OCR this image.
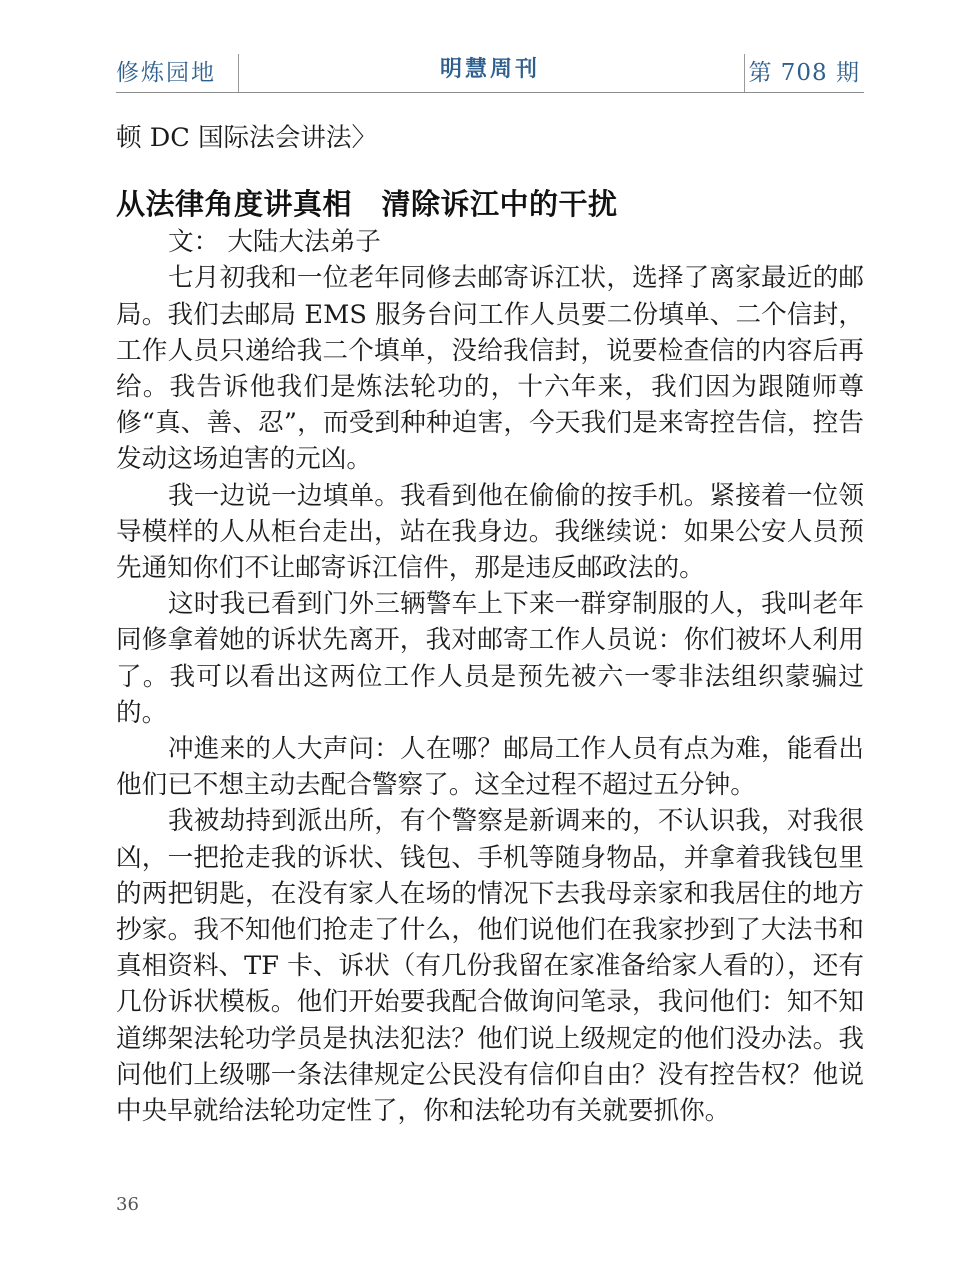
修炼园地	明慧周刊	第 708 期

顿 DC 国际法会讲法〉

从法律角度讲真相　清除诉江中的干扰

文： 大陆大法弟子

七月初我和一位老年同修去邮寄诉江状，选择了离家最近的邮局。我们去邮局 EMS 服务台问工作人员要二份填单、二个信封，工作人员只递给我二个填单，没给我信封，说要检查信的内容后再给。我告诉他我们是炼法轮功的，十六年来，我们因为跟随师尊修“真、善、忍”，而受到种种迫害，今天我们是来寄控告信，控告发动这场迫害的元凶。

我一边说一边填单。我看到他在偷偷的按手机。紧接着一位领导模样的人从柜台走出，站在我身边。我继续说：如果公安人员预先通知你们不让邮寄诉江信件，那是违反邮政法的。

这时我已看到门外三辆警车上下来一群穿制服的人，我叫老年同修拿着她的诉状先离开，我对邮寄工作人员说：你们被坏人利用了。我可以看出这两位工作人员是预先被六一零非法组织蒙骗过的。

冲進来的人大声问：人在哪？邮局工作人员有点为难，能看出他们已不想主动去配合警察了。这全过程不超过五分钟。

我被劫持到派出所，有个警察是新调来的，不认识我，对我很凶，一把抢走我的诉状、钱包、手机等随身物品，并拿着我钱包里的两把钥匙，在没有家人在场的情况下去我母亲家和我居住的地方抄家。我不知他们抢走了什么，他们说他们在我家抄到了大法书和真相资料、TF 卡、诉状（有几份我留在家准备给家人看的），还有几份诉状模板。他们开始要我配合做询问笔录，我问他们：知不知道绑架法轮功学员是执法犯法？他们说上级规定的他们没办法。我问他们上级哪一条法律规定公民没有信仰自由？没有控告权？他说中央早就给法轮功定性了，你和法轮功有关就要抓你。

36
